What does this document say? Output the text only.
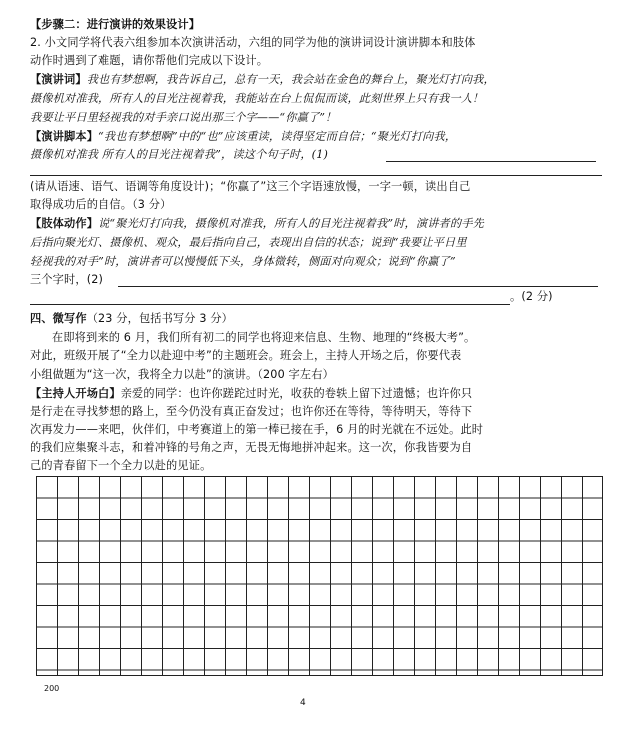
【步骤二：进行演讲的效果设计】
2. 小文同学将代表六组参加本次演讲活动，六组的同学为他的演讲词设计演讲脚本和肢体
动作时遇到了难题，请你帮他们完成以下设计。
【演讲词】我也有梦想啊，我告诉自己，总有一天，我会站在金色的舞台上，聚光灯打向我，
摄像机对准我，所有人的目光注视着我，我能站在台上侃侃而谈，此刻世界上只有我一人！
我要让平日里轻视我的对手亲口说出那三个字——“你赢了”！
【演讲脚本】“我也有梦想啊”中的“也”应该重读，读得坚定而自信；“聚光灯打向我，
摄像机对准我 所有人的目光注视着我”，读这个句子时，(1)
(请从语速、语气、语调等角度设计)；“你赢了”这三个字语速放慢，一字一顿，读出自己
取得成功后的自信。（3 分）
【肢体动作】说“聚光灯打向我，摄像机对准我，所有人的目光注视着我”时，演讲者的手先
后指向聚光灯、摄像机、观众，最后指向自己，表现出自信的状态；说到“我要让平日里
轻视我的对手”时，演讲者可以慢慢低下头，身体微转，侧面对向观众；说到“你赢了”
三个字时，(2)
。(2 分)
四、微写作（23 分，包括书写分 3 分）
在即将到来的 6 月，我们所有初二的同学也将迎来信息、生物、地理的“终极大考”。
对此，班级开展了“全力以赴迎中考”的主题班会。班会上，主持人开场之后，你要代表
小组做题为“这一次，我将全力以赴”的演讲。（200 字左右）
【主持人开场白】亲爱的同学：也许你蹉跎过时光，收获的卷轶上留下过遗憾；也许你只
是行走在寻找梦想的路上，至今仍没有真正奋发过；也许你还在等待，等待明天，等待下
次再发力——来吧，伙伴们，中考赛道上的第一棒已接在手，6 月的时光就在不远处。此时
的我们应集聚斗志，和着冲锋的号角之声，无畏无悔地拼冲起来。这一次，你我皆要为自
己的青春留下一个全力以赴的见证。
200
4
